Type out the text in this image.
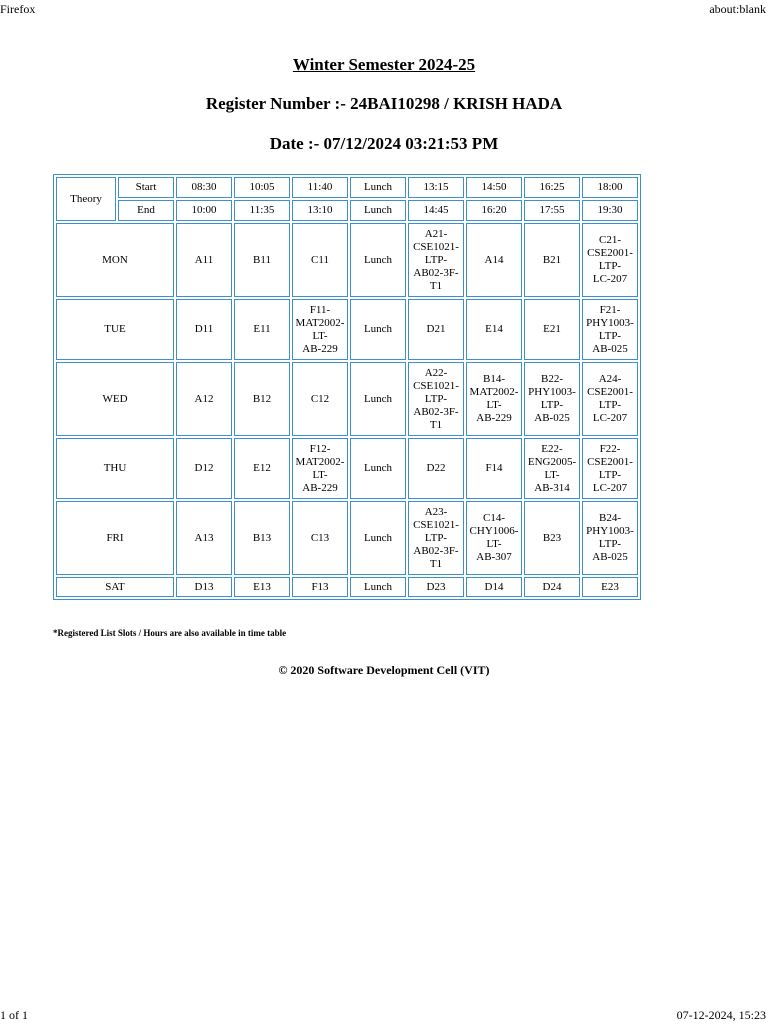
Firefox	about:blank
Winter Semester 2024-25
Register Number :- 24BAI10298 / KRISH HADA
Date :- 07/12/2024 03:21:53 PM
Theory	Start	08:30	10:05	11:40	Lunch	13:15	14:50	16:25	18:00
	End	10:00	11:35	13:10	Lunch	14:45	16:20	17:55	19:30
MON		A11	B11	C11	Lunch	A21-
CSE1021-
LTP-
AB02-3F-
T1	A14	B21	C21-
CSE2001-
LTP-
LC-207
TUE		D11	E11	F11-
MAT2002-
LT-
AB-229	Lunch	D21	E14	E21	F21-
PHY1003-
LTP-
AB-025
WED		A12	B12	C12	Lunch	A22-
CSE1021-
LTP-
AB02-3F-
T1	B14-
MAT2002-
LT-
AB-229	B22-
PHY1003-
LTP-
AB-025	A24-
CSE2001-
LTP-
LC-207
THU		D12	E12	F12-
MAT2002-
LT-
AB-229	Lunch	D22	F14	E22-
ENG2005-
LT-
AB-314	F22-
CSE2001-
LTP-
LC-207
FRI		A13	B13	C13	Lunch	A23-
CSE1021-
LTP-
AB02-3F-
T1	C14-
CHY1006-
LT-
AB-307	B23	B24-
PHY1003-
LTP-
AB-025
SAT		D13	E13	F13	Lunch	D23	D14	D24	E23
*Registered List Slots / Hours are also available in time table
© 2020 Software Development Cell (VIT)
1 of 1	07-12-2024, 15:23
